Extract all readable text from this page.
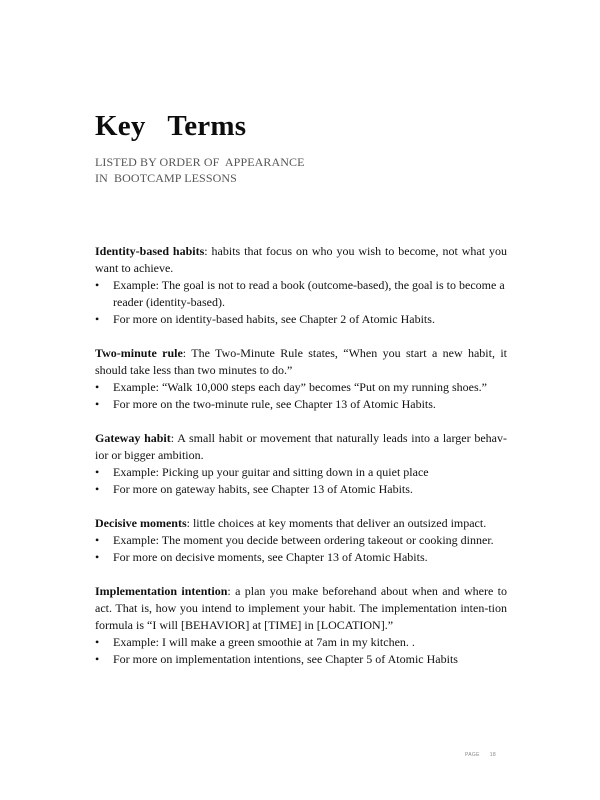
Key   Terms
LISTED BY ORDER OF  APPEARANCE
IN  BOOTCAMP LESSONS

Identity-based habits: habits that focus on who you wish to become, not what you want to achieve.

• Example: The goal is not to read a book (outcome-based), the goal is to become a reader (identity-based).
• For more on identity-based habits, see Chapter 2 of Atomic Habits.

Two-minute rule: The Two-Minute Rule states, “When you start a new habit, it should take less than two minutes to do.”

• Example: “Walk 10,000 steps each day” becomes “Put on my running shoes.”
• For more on the two-minute rule, see Chapter 13 of Atomic Habits.

Gateway habit: A small habit or movement that naturally leads into a larger behav-ior or bigger ambition.

• Example: Picking up your guitar and sitting down in a quiet place
• For more on gateway habits, see Chapter 13 of Atomic Habits.

Decisive moments: little choices at key moments that deliver an outsized impact.

• Example: The moment you decide between ordering takeout or cooking dinner.
• For more on decisive moments, see Chapter 13 of Atomic Habits.

Implementation intention: a plan you make beforehand about when and where to act. That is, how you intend to implement your habit. The implementation inten-tion formula is “I will [BEHAVIOR] at [TIME] in [LOCATION].”

• Example: I will make a green smoothie at 7am in my kitchen. .
• For more on implementation intentions, see Chapter 5 of Atomic Habits
PAGE 18
